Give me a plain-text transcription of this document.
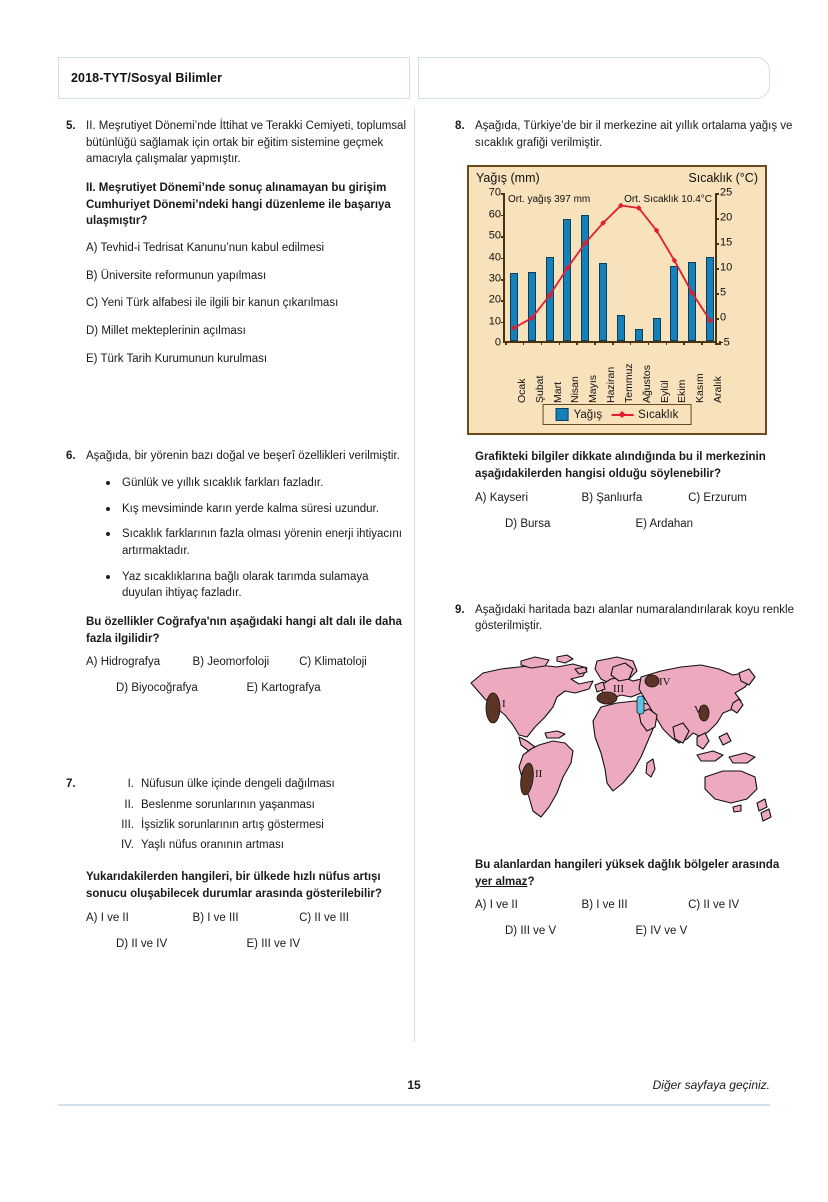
2018-TYT/Sosyal Bilimler
5. II. Meşrutiyet Dönemi’nde İttihat ve Terakki Cemiyeti, toplumsal bütünlüğü sağlamak için ortak bir eğitim sistemine geçmek amacıyla çalışmalar yapmıştır.
II. Meşrutiyet Dönemi’nde sonuç alınamayan bu girişim Cumhuriyet Dönemi’ndeki hangi düzenleme ile başarıya ulaşmıştır?
A) Tevhid-i Tedrisat Kanunu’nun kabul edilmesi
B) Üniversite reformunun yapılması
C) Yeni Türk alfabesi ile ilgili bir kanun çıkarılması
D) Millet mekteplerinin açılması
E) Türk Tarih Kurumunun kurulması
6. Aşağıda, bir yörenin bazı doğal ve beşerî özellikleri verilmiştir.
Günlük ve yıllık sıcaklık farkları fazladır.
Kış mevsiminde karın yerde kalma süresi uzundur.
Sıcaklık farklarının fazla olması yörenin enerji ihtiyacını artırmaktadır.
Yaz sıcaklıklarına bağlı olarak tarımda sulamaya duyulan ihtiyaç fazladır.
Bu özellikler Coğrafya'nın aşağıdaki hangi alt dalı ile daha fazla ilgilidir?
A) Hidrografya	B) Jeomorfoloji	C) Klimatoloji
D) Biyocoğrafya	E) Kartografya
7.	I. Nüfusun ülke içinde dengeli dağılması
II. Beslenme sorunlarının yaşanması
III. İşsizlik sorunlarının artış göstermesi
IV. Yaşlı nüfus oranının artması
Yukarıdakilerden hangileri, bir ülkede hızlı nüfus artışı sonucu oluşabilecek durumlar arasında gösterilebilir?
A) I ve II	B) I ve III	C) II ve III
D) II ve IV	E) III ve IV
8. Aşağıda, Türkiye’de bir il merkezine ait yıllık ortalama yağış ve sıcaklık grafiği verilmiştir.
Yağış (mm)	Sıcaklık (°C)
Ort. yağış 397 mm	Ort. Sıcaklık 10.4°C
0
10
20
30
40
50
60
70
-5
0
5
10
15
20
25
Ocak Şubat Mart Nisan Mayıs Haziran Temmuz Ağustos Eylül Ekim Kasım Aralık
Yağış	Sıcaklık
Grafikteki bilgiler dikkate alındığında bu il merkezinin aşağıdakilerden hangisi olduğu söylenebilir?
A) Kayseri	B) Şanlıurfa	C) Erzurum
D) Bursa	E) Ardahan
9. Aşağıdaki haritada bazı alanlar numaralandırılarak koyu renkle gösterilmiştir.
I
II
III
IV
V
Bu alanlardan hangileri yüksek dağlık bölgeler arasında yer almaz?
A) I ve II	B) I ve III	C) II ve IV
D) III ve V	E) IV ve V
15	Diğer sayfaya geçiniz.
